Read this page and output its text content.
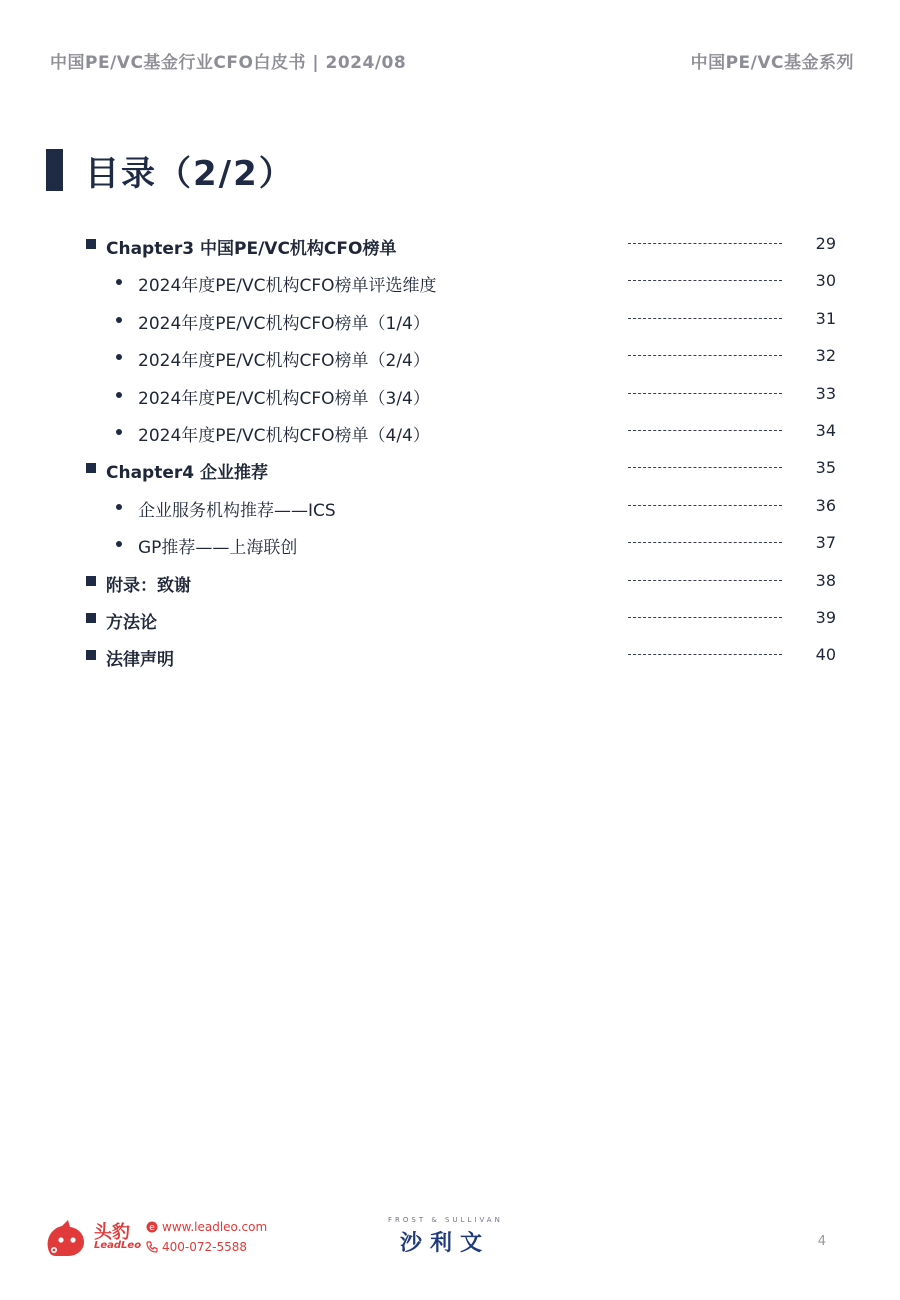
中国PE/VC基金行业CFO白皮书 | 2024/08	中国PE/VC基金系列
目录（2/2）
Chapter3 中国PE/VC机构CFO榜单	29
2024年度PE/VC机构CFO榜单评选维度	30
2024年度PE/VC机构CFO榜单（1/4）	31
2024年度PE/VC机构CFO榜单（2/4）	32
2024年度PE/VC机构CFO榜单（3/4）	33
2024年度PE/VC机构CFO榜单（4/4）	34
Chapter4 企业推荐	35
企业服务机构推荐——ICS	36
GP推荐——上海联创	37
附录：致谢	38
方法论	39
法律声明	40
头豹
LeadLeo
e www.leadleo.com
400-072-5588
FROST & SULLIVAN
沙利文	4
